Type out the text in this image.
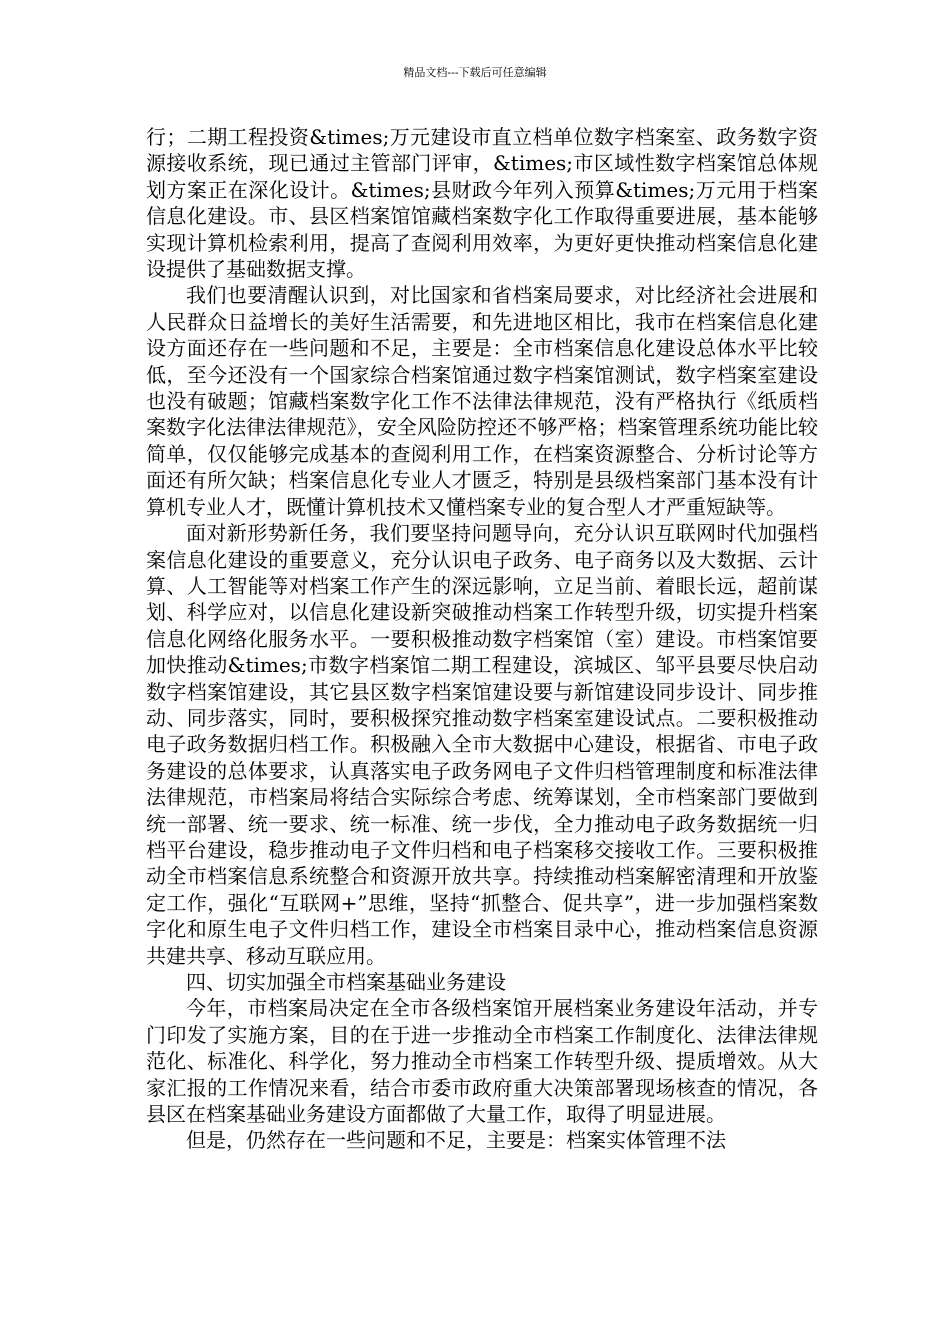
精品文档---下载后可任意编辑

行；二期工程投资&times;万元建设市直立档单位数字档案室、政务数字资源接收系统，现已通过主管部门评审，&times;市区域性数字档案馆总体规划方案正在深化设计。&times;县财政今年列入预算&times;万元用于档案信息化建设。市、县区档案馆馆藏档案数字化工作取得重要进展，基本能够实现计算机检索利用，提高了查阅利用效率，为更好更快推动档案信息化建设提供了基础数据支撑。

我们也要清醒认识到，对比国家和省档案局要求，对比经济社会进展和人民群众日益增长的美好生活需要，和先进地区相比，我市在档案信息化建设方面还存在一些问题和不足，主要是：全市档案信息化建设总体水平比较低，至今还没有一个国家综合档案馆通过数字档案馆测试，数字档案室建设也没有破题；馆藏档案数字化工作不法律法律规范，没有严格执行《纸质档案数字化法律法律规范》，安全风险防控还不够严格；档案管理系统功能比较简单，仅仅能够完成基本的查阅利用工作，在档案资源整合、分析讨论等方面还有所欠缺；档案信息化专业人才匮乏，特别是县级档案部门基本没有计算机专业人才，既懂计算机技术又懂档案专业的复合型人才严重短缺等。

面对新形势新任务，我们要坚持问题导向，充分认识互联网时代加强档案信息化建设的重要意义，充分认识电子政务、电子商务以及大数据、云计算、人工智能等对档案工作产生的深远影响，立足当前、着眼长远，超前谋划、科学应对，以信息化建设新突破推动档案工作转型升级，切实提升档案信息化网络化服务水平。一要积极推动数字档案馆（室）建设。市档案馆要加快推动&times;市数字档案馆二期工程建设，滨城区、邹平县要尽快启动数字档案馆建设，其它县区数字档案馆建设要与新馆建设同步设计、同步推动、同步落实，同时，要积极探究推动数字档案室建设试点。二要积极推动电子政务数据归档工作。积极融入全市大数据中心建设，根据省、市电子政务建设的总体要求，认真落实电子政务网电子文件归档管理制度和标准法律法律规范，市档案局将结合实际综合考虑、统筹谋划，全市档案部门要做到统一部署、统一要求、统一标准、统一步伐，全力推动电子政务数据统一归档平台建设，稳步推动电子文件归档和电子档案移交接收工作。三要积极推动全市档案信息系统整合和资源开放共享。持续推动档案解密清理和开放鉴定工作，强化“互联网+”思维，坚持“抓整合、促共享”，进一步加强档案数字化和原生电子文件归档工作，建设全市档案目录中心，推动档案信息资源共建共享、移动互联应用。

四、切实加强全市档案基础业务建设

今年，市档案局决定在全市各级档案馆开展档案业务建设年活动，并专门印发了实施方案，目的在于进一步推动全市档案工作制度化、法律法律规范化、标准化、科学化，努力推动全市档案工作转型升级、提质增效。从大家汇报的工作情况来看，结合市委市政府重大决策部署现场核查的情况，各县区在档案基础业务建设方面都做了大量工作，取得了明显进展。

但是，仍然存在一些问题和不足，主要是：档案实体管理不法
